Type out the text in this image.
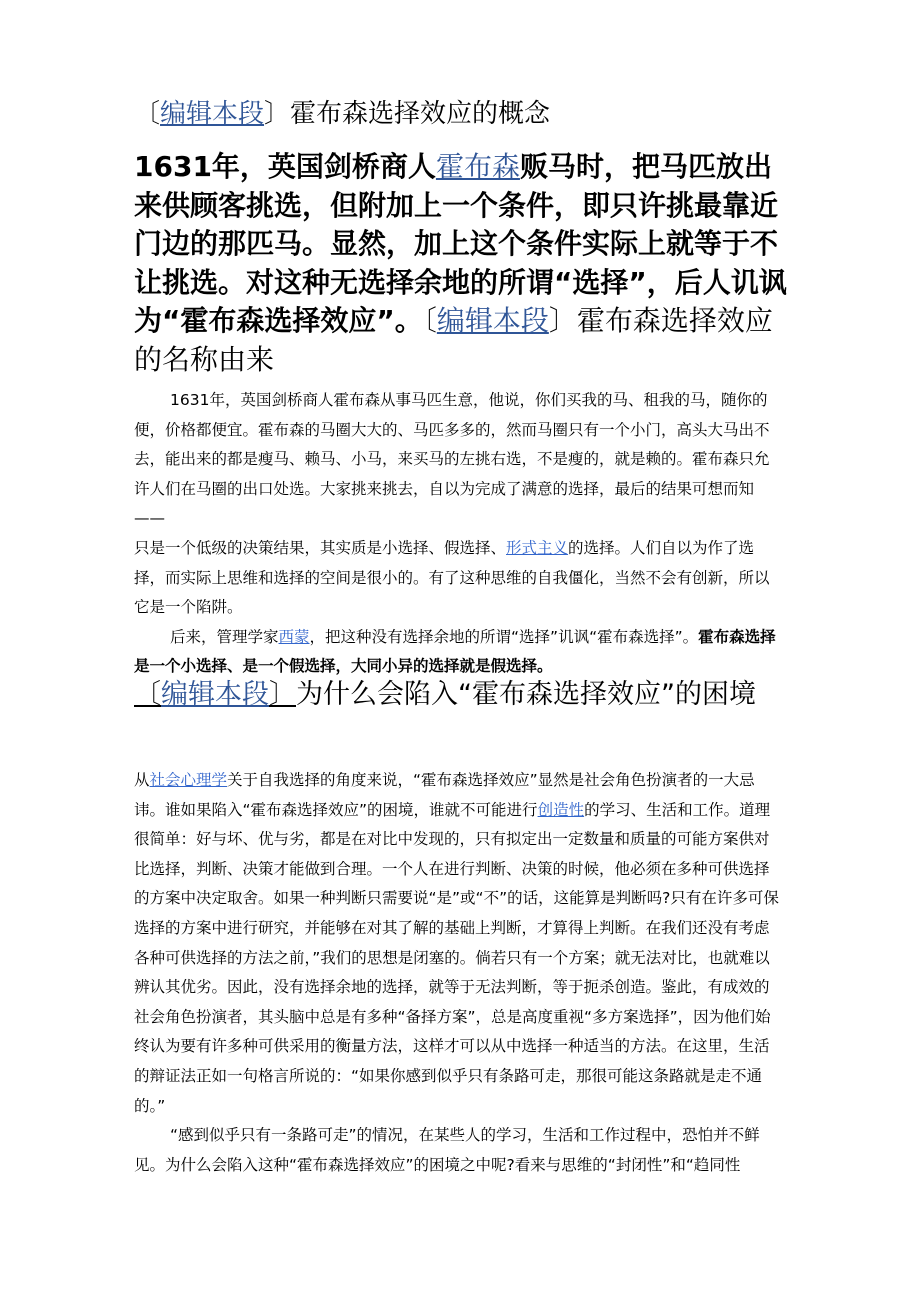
〔编辑本段〕霍布森选择效应的概念
1631年，英国剑桥商人霍布森贩马时，把马匹放出来供顾客挑选，但附加上一个条件，即只许挑最靠近门边的那匹马。显然，加上这个条件实际上就等于不让挑选。对这种无选择余地的所谓“选择”，后人讥讽为“霍布森选择效应”。〔编辑本段〕霍布森选择效应的名称由来

1631年，英国剑桥商人霍布森从事马匹生意，他说，你们买我的马、租我的马，随你的便，价格都便宜。霍布森的马圈大大的、马匹多多的，然而马圈只有一个小门，高头大马出不去，能出来的都是瘦马、赖马、小马，来买马的左挑右选，不是瘦的，就是赖的。霍布森只允许人们在马圈的出口处选。大家挑来挑去，自以为完成了满意的选择，最后的结果可想而知——

只是一个低级的决策结果，其实质是小选择、假选择、形式主义的选择。人们自以为作了选择，而实际上思维和选择的空间是很小的。有了这种思维的自我僵化，当然不会有创新，所以它是一个陷阱。

后来，管理学家西蒙，把这种没有选择余地的所谓“选择”讥讽“霍布森选择”。霍布森选择是一个小选择、是一个假选择，大同小异的选择就是假选择。

〔编辑本段〕为什么会陷入“霍布森选择效应”的困境

从社会心理学关于自我选择的角度来说，“霍布森选择效应”显然是社会角色扮演者的一大忌讳。谁如果陷入“霍布森选择效应”的困境，谁就不可能进行创造性的学习、生活和工作。道理很简单：好与坏、优与劣，都是在对比中发现的，只有拟定出一定数量和质量的可能方案供对比选择，判断、决策才能做到合理。一个人在进行判断、决策的时候，他必须在多种可供选择的方案中决定取舍。如果一种判断只需要说“是”或“不”的话，这能算是判断吗?只有在许多可保选择的方案中进行研究，并能够在对其了解的基础上判断，才算得上判断。在我们还没有考虑各种可供选择的方法之前，”我们的思想是闭塞的。倘若只有一个方案；就无法对比，也就难以辨认其优劣。因此，没有选择余地的选择，就等于无法判断，等于扼杀创造。鉴此，有成效的社会角色扮演者，其头脑中总是有多种“备择方案”，总是高度重视“多方案选择”，因为他们始终认为要有许多种可供采用的衡量方法，这样才可以从中选择一种适当的方法。在这里，生活的辩证法正如一句格言所说的：“如果你感到似乎只有条路可走，那很可能这条路就是走不通的。”

“感到似乎只有一条路可走”的情况，在某些人的学习，生活和工作过程中，恐怕并不鲜见。为什么会陷入这种“霍布森选择效应”的困境之中呢?看来与思维的“封闭性”和“趋同性
